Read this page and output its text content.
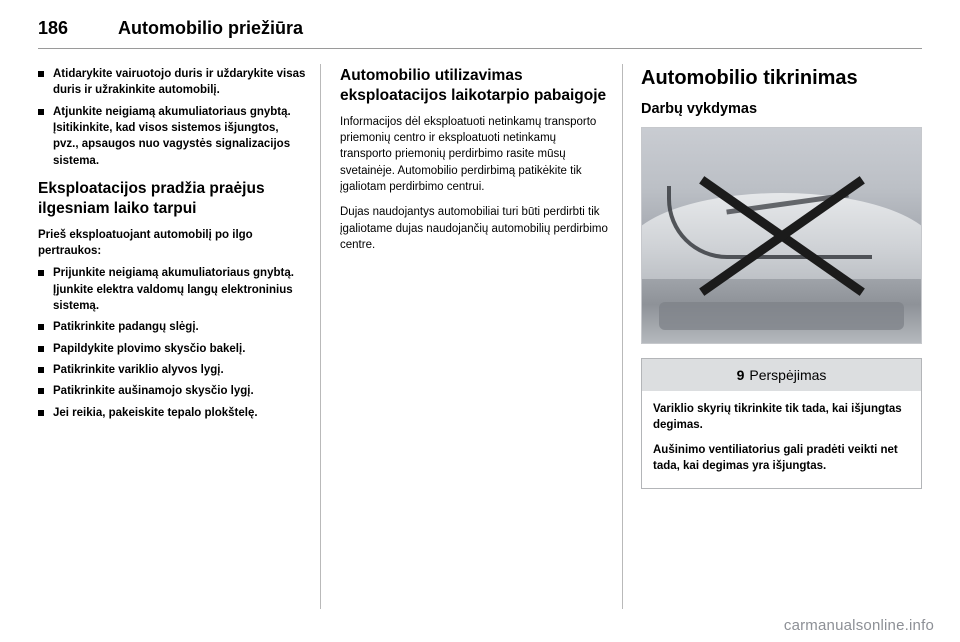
186	Automobilio priežiūra
Atidarykite vairuotojo duris ir uždarykite visas duris ir užrakinkite automobilį.
Atjunkite neigiamą akumuliatoriaus gnybtą. Įsitikinkite, kad visos sistemos išjungtos, pvz., apsaugos nuo vagystės signalizacijos sistema.
Eksploatacijos pradžia praėjus ilgesniam laiko tarpui

Prieš eksploatuojant automobilį po ilgo pertraukos:

Prijunkite neigiamą akumuliatoriaus gnybtą. Įjunkite elektra valdomų langų elektroninius sistemą.
Patikrinkite padangų slėgį.
Papildykite plovimo skysčio bakelį.
Patikrinkite variklio alyvos lygį.
Patikrinkite aušinamojo skysčio lygį.
Jei reikia, pakeiskite tepalo plokštelę.
Automobilio utilizavimas eksploatacijos laikotarpio pabaigoje

Informacijos dėl eksploatuoti netinkamų transporto priemonių centro ir eksploatuoti netinkamų transporto priemonių perdirbimo rasite mūsų svetainėje. Automobilio perdirbimą patikėkite tik įgaliotam perdirbimo centrui.

Dujas naudojantys automobiliai turi būti perdirbti tik įgaliotame dujas naudojančių automobilių perdirbimo centre.

Automobilio tikrinimas
Darbų vykdymas
9 Perspėjimas

Variklio skyrių tikrinkite tik tada, kai išjungtas degimas.

Aušinimo ventiliatorius gali pradėti veikti net tada, kai degimas yra išjungtas.

carmanualsonline.info
